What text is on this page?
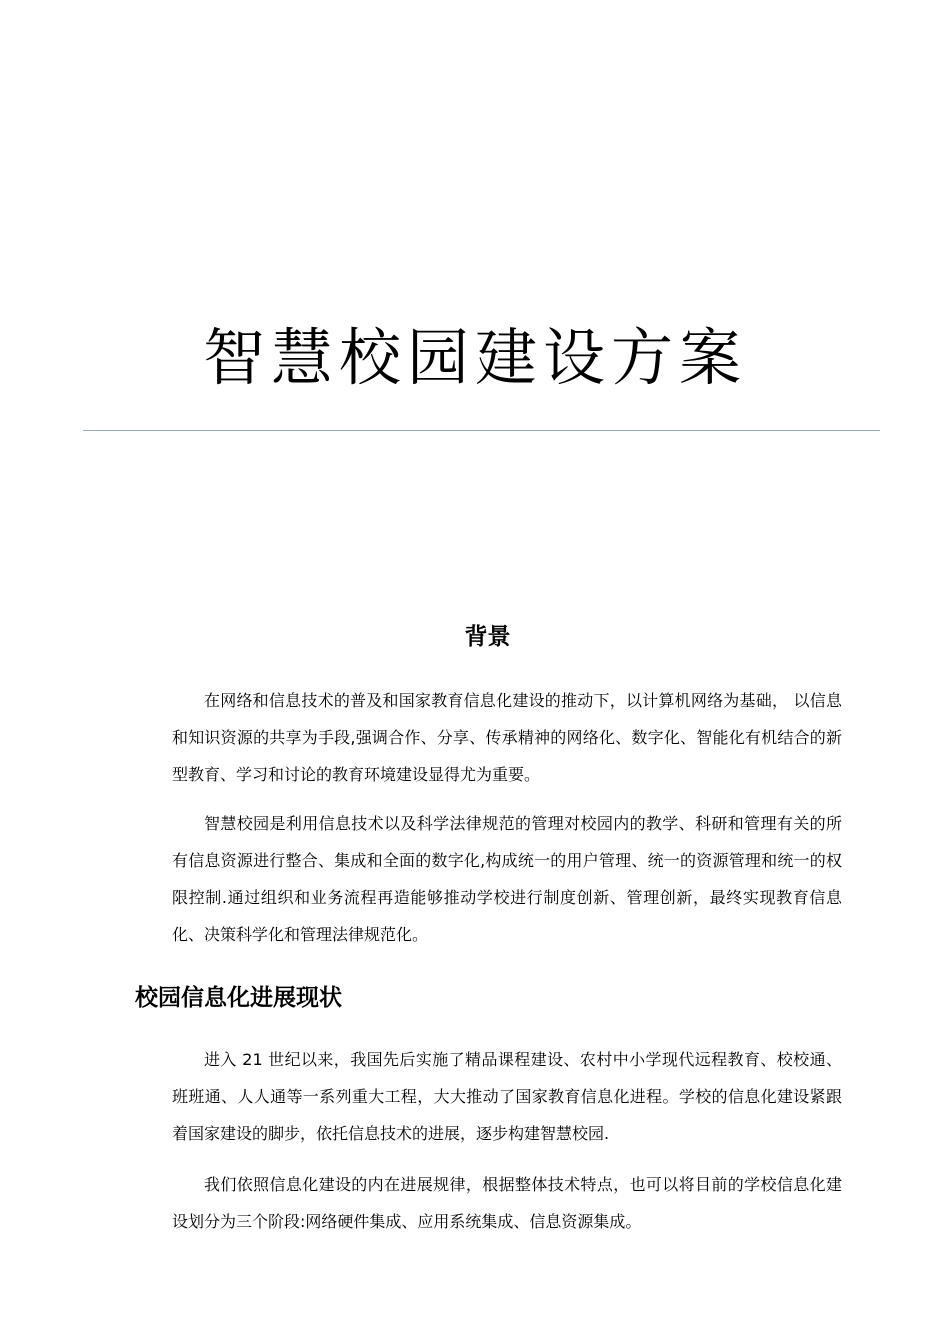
智慧校园建设方案
背景

在网络和信息技术的普及和国家教育信息化建设的推动下，以计算机网络为基础， 以信息和知识资源的共享为手段,强调合作、分享、传承精神的网络化、数字化、智能化有机结合的新型教育、学习和讨论的教育环境建设显得尤为重要。

智慧校园是利用信息技术以及科学法律规范的管理对校园内的教学、科研和管理有关的所有信息资源进行整合、集成和全面的数字化,构成统一的用户管理、统一的资源管理和统一的权限控制.通过组织和业务流程再造能够推动学校进行制度创新、管理创新，最终实现教育信息化、决策科学化和管理法律规范化。

校园信息化进展现状

进入 21 世纪以来，我国先后实施了精品课程建设、农村中小学现代远程教育、校校通、班班通、人人通等一系列重大工程，大大推动了国家教育信息化进程。学校的信息化建设紧跟着国家建设的脚步，依托信息技术的进展，逐步构建智慧校园.

我们依照信息化建设的内在进展规律，根据整体技术特点，也可以将目前的学校信息化建设划分为三个阶段:网络硬件集成、应用系统集成、信息资源集成。
